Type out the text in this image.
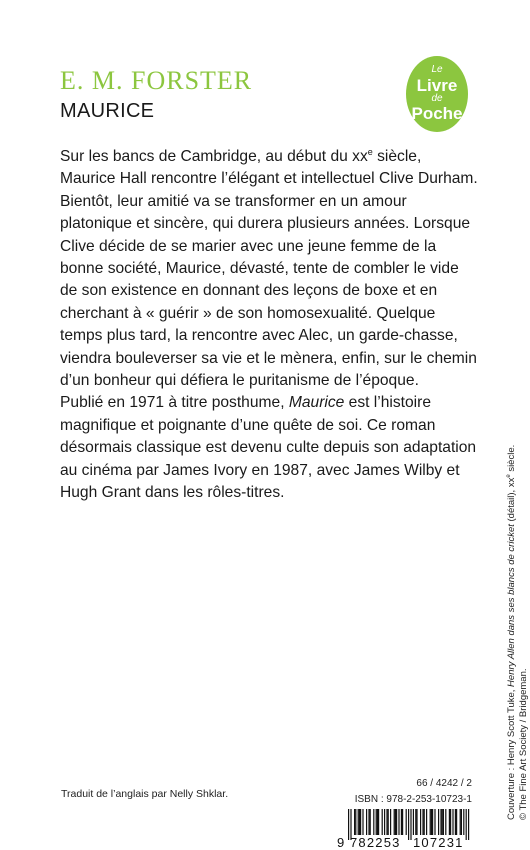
E. M. FORSTER
MAURICE
Le
Livre
de
Poche

Sur les bancs de Cambridge, au début du $xx^e$ siècle, Maurice Hall rencontre l’élégant et intellectuel Clive Durham. Bientôt, leur amitié va se transformer en un amour platonique et sincère, qui durera plusieurs années. Lorsque Clive décide de se marier avec une jeune femme de la bonne société, Maurice, dévasté, tente de combler le vide de son existence en donnant des leçons de boxe et en cherchant à « guérir » de son homosexualité. Quelque temps plus tard, la rencontre avec Alec, un garde-chasse, viendra bouleverser sa vie et le mènera, enfin, sur le chemin d’un bonheur qui défiera le puritanisme de l’époque.

Publié en 1971 à titre posthume, Maurice est l’histoire magnifique et poignante d’une quête de soi. Ce roman désormais classique est devenu culte depuis son adaptation au cinéma par James Ivory en 1987, avec James Wilby et Hugh Grant dans les rôles-titres.

Couverture : Henry Scott Tuke, Henry Allen dans ses blancs de cricket (détail), $xx^e$ siècle.
© The Fine Art Society / Bridgeman.
Traduit de l’anglais par Nelly Shklar.
66 / 4242 / 2
ISBN : 978-2-253-10723-1
9 782253 107231
